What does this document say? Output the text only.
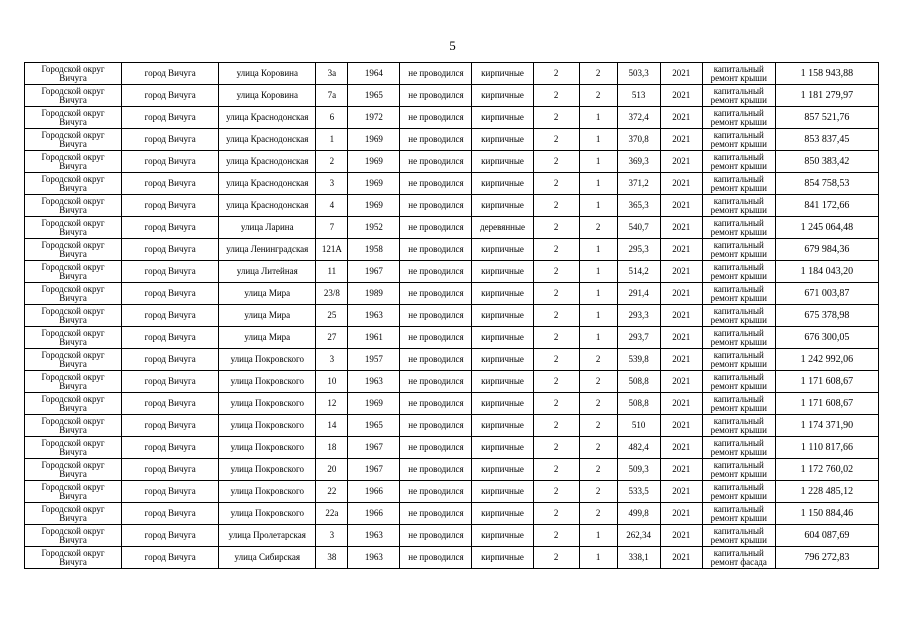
5
Городской округ Вичуга	город Вичуга	улица Коровина	3а	1964	не проводился	кирпичные	2	2	503,3	2021	капитальный ремонт крыши	1 158 943,88
Городской округ Вичуга	город Вичуга	улица Коровина	7а	1965	не проводился	кирпичные	2	2	513	2021	капитальный ремонт крыши	1 181 279,97
Городской округ Вичуга	город Вичуга	улица Краснодонская	6	1972	не проводился	кирпичные	2	1	372,4	2021	капитальный ремонт крыши	857 521,76
Городской округ Вичуга	город Вичуга	улица Краснодонская	1	1969	не проводился	кирпичные	2	1	370,8	2021	капитальный ремонт крыши	853 837,45
Городской округ Вичуга	город Вичуга	улица Краснодонская	2	1969	не проводился	кирпичные	2	1	369,3	2021	капитальный ремонт крыши	850 383,42
Городской округ Вичуга	город Вичуга	улица Краснодонская	3	1969	не проводился	кирпичные	2	1	371,2	2021	капитальный ремонт крыши	854 758,53
Городской округ Вичуга	город Вичуга	улица Краснодонская	4	1969	не проводился	кирпичные	2	1	365,3	2021	капитальный ремонт крыши	841 172,66
Городской округ Вичуга	город Вичуга	улица Ларина	7	1952	не проводился	деревянные	2	2	540,7	2021	капитальный ремонт крыши	1 245 064,48
Городской округ Вичуга	город Вичуга	улица Ленинградская	121А	1958	не проводился	кирпичные	2	1	295,3	2021	капитальный ремонт крыши	679 984,36
Городской округ Вичуга	город Вичуга	улица Литейная	11	1967	не проводился	кирпичные	2	1	514,2	2021	капитальный ремонт крыши	1 184 043,20
Городской округ Вичуга	город Вичуга	улица Мира	23/8	1989	не проводился	кирпичные	2	1	291,4	2021	капитальный ремонт крыши	671 003,87
Городской округ Вичуга	город Вичуга	улица Мира	25	1963	не проводился	кирпичные	2	1	293,3	2021	капитальный ремонт крыши	675 378,98
Городской округ Вичуга	город Вичуга	улица Мира	27	1961	не проводился	кирпичные	2	1	293,7	2021	капитальный ремонт крыши	676 300,05
Городской округ Вичуга	город Вичуга	улица Покровского	3	1957	не проводился	кирпичные	2	2	539,8	2021	капитальный ремонт крыши	1 242 992,06
Городской округ Вичуга	город Вичуга	улица Покровского	10	1963	не проводился	кирпичные	2	2	508,8	2021	капитальный ремонт крыши	1 171 608,67
Городской округ Вичуга	город Вичуга	улица Покровского	12	1969	не проводился	кирпичные	2	2	508,8	2021	капитальный ремонт крыши	1 171 608,67
Городской округ Вичуга	город Вичуга	улица Покровского	14	1965	не проводился	кирпичные	2	2	510	2021	капитальный ремонт крыши	1 174 371,90
Городской округ Вичуга	город Вичуга	улица Покровского	18	1967	не проводился	кирпичные	2	2	482,4	2021	капитальный ремонт крыши	1 110 817,66
Городской округ Вичуга	город Вичуга	улица Покровского	20	1967	не проводился	кирпичные	2	2	509,3	2021	капитальный ремонт крыши	1 172 760,02
Городской округ Вичуга	город Вичуга	улица Покровского	22	1966	не проводился	кирпичные	2	2	533,5	2021	капитальный ремонт крыши	1 228 485,12
Городской округ Вичуга	город Вичуга	улица Покровского	22а	1966	не проводился	кирпичные	2	2	499,8	2021	капитальный ремонт крыши	1 150 884,46
Городской округ Вичуга	город Вичуга	улица Пролетарская	3	1963	не проводился	кирпичные	2	1	262,34	2021	капитальный ремонт крыши	604 087,69
Городской округ Вичуга	город Вичуга	улица Сибирская	38	1963	не проводился	кирпичные	2	1	338,1	2021	капитальный ремонт фасада	796 272,83
